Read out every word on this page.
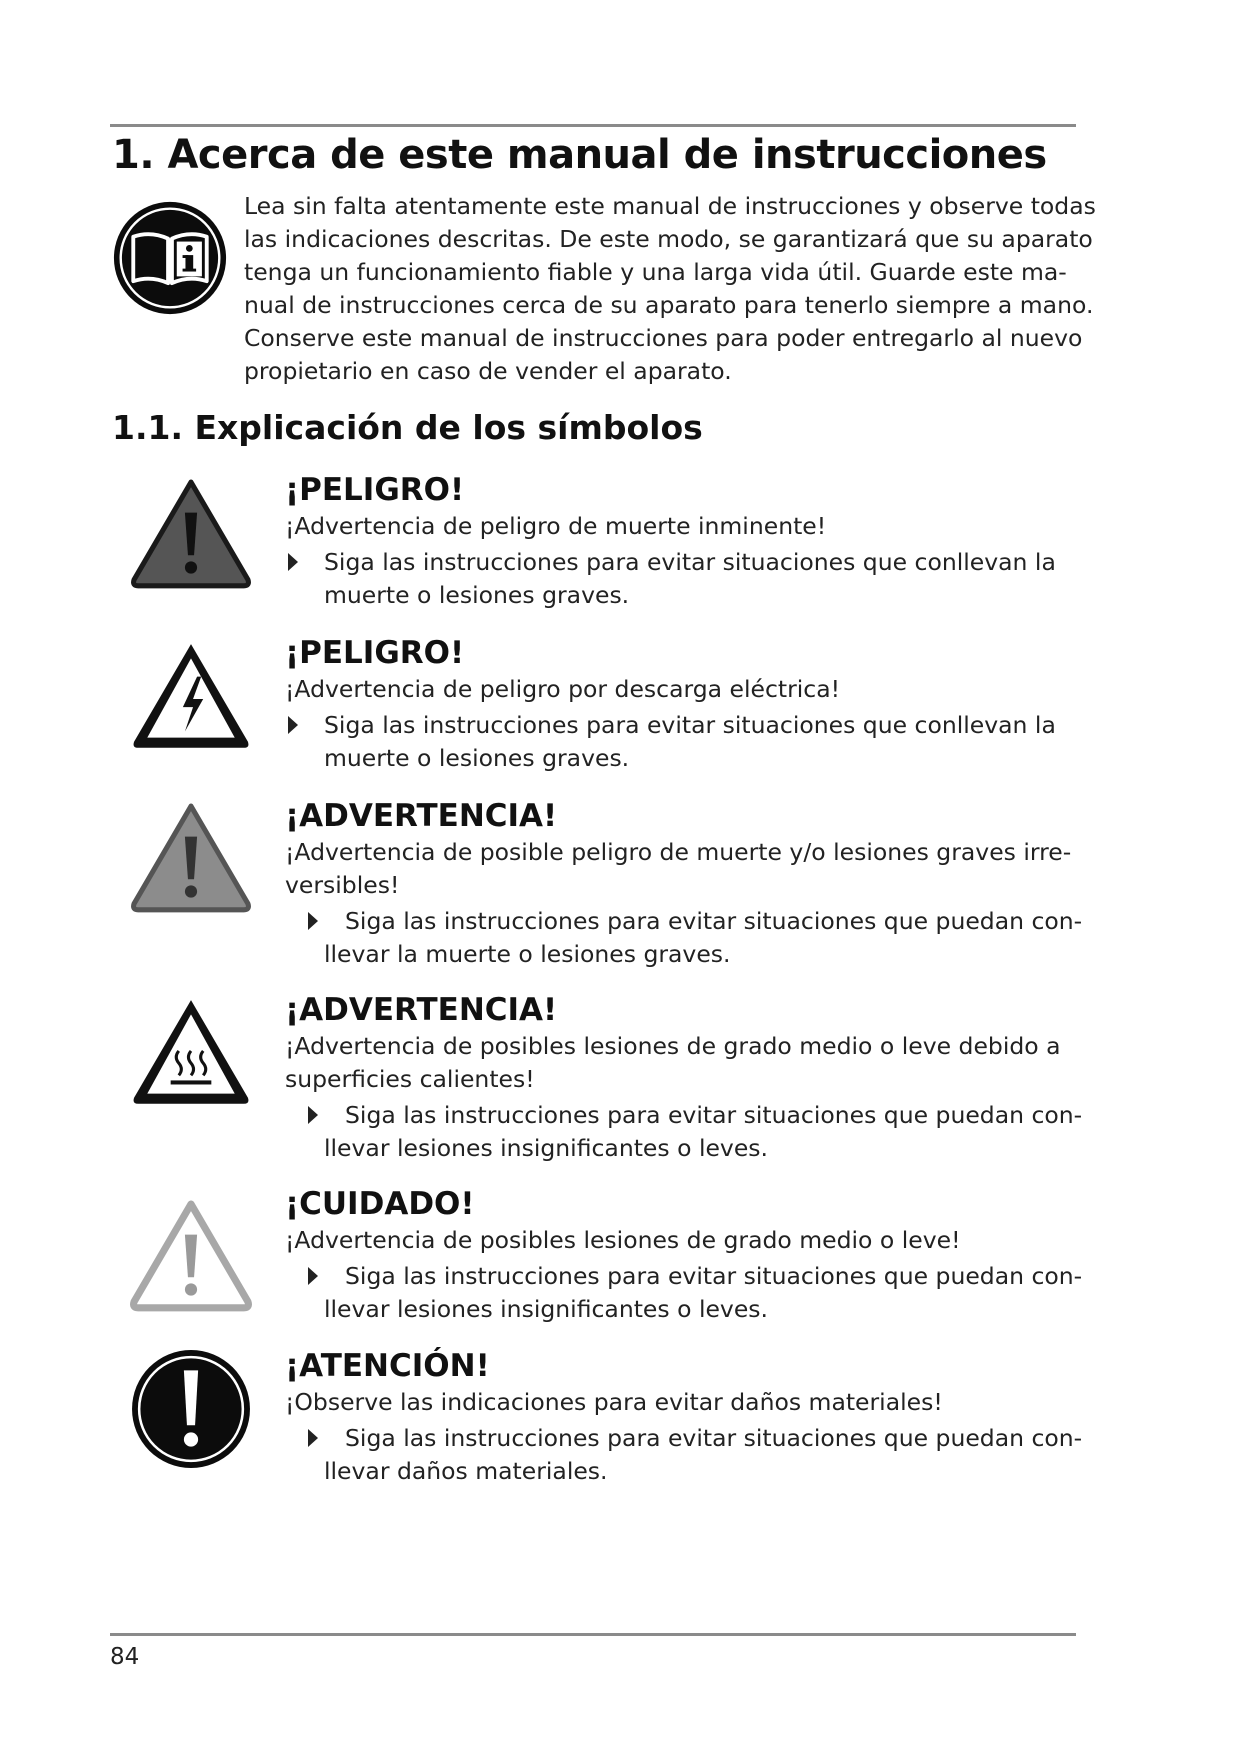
1. Acerca de este manual de instrucciones

Lea sin falta atentamente este manual de instrucciones y observe todas
las indicaciones descritas. De este modo, se garantizará que su aparato
tenga un funcionamiento fiable y una larga vida útil. Guarde este ma-
nual de instrucciones cerca de su aparato para tenerlo siempre a mano.
Conserve este manual de instrucciones para poder entregarlo al nuevo
propietario en caso de vender el aparato.

1.1. Explicación de los símbolos
¡PELIGRO!
¡Advertencia de peligro de muerte inminente!
Siga las instrucciones para evitar situaciones que conllevan la
muerte o lesiones graves.
¡PELIGRO!
¡Advertencia de peligro por descarga eléctrica!
Siga las instrucciones para evitar situaciones que conllevan la
muerte o lesiones graves.
¡ADVERTENCIA!
¡Advertencia de posible peligro de muerte y/o lesiones graves irre-
versibles!
Siga las instrucciones para evitar situaciones que puedan con-
llevar la muerte o lesiones graves.
¡ADVERTENCIA!
¡Advertencia de posibles lesiones de grado medio o leve debido a
superficies calientes!
Siga las instrucciones para evitar situaciones que puedan con-
llevar lesiones insignificantes o leves.
¡CUIDADO!
¡Advertencia de posibles lesiones de grado medio o leve!
Siga las instrucciones para evitar situaciones que puedan con-
llevar lesiones insignificantes o leves.
¡ATENCIÓN!
¡Observe las indicaciones para evitar daños materiales!
Siga las instrucciones para evitar situaciones que puedan con-
llevar daños materiales.
84
